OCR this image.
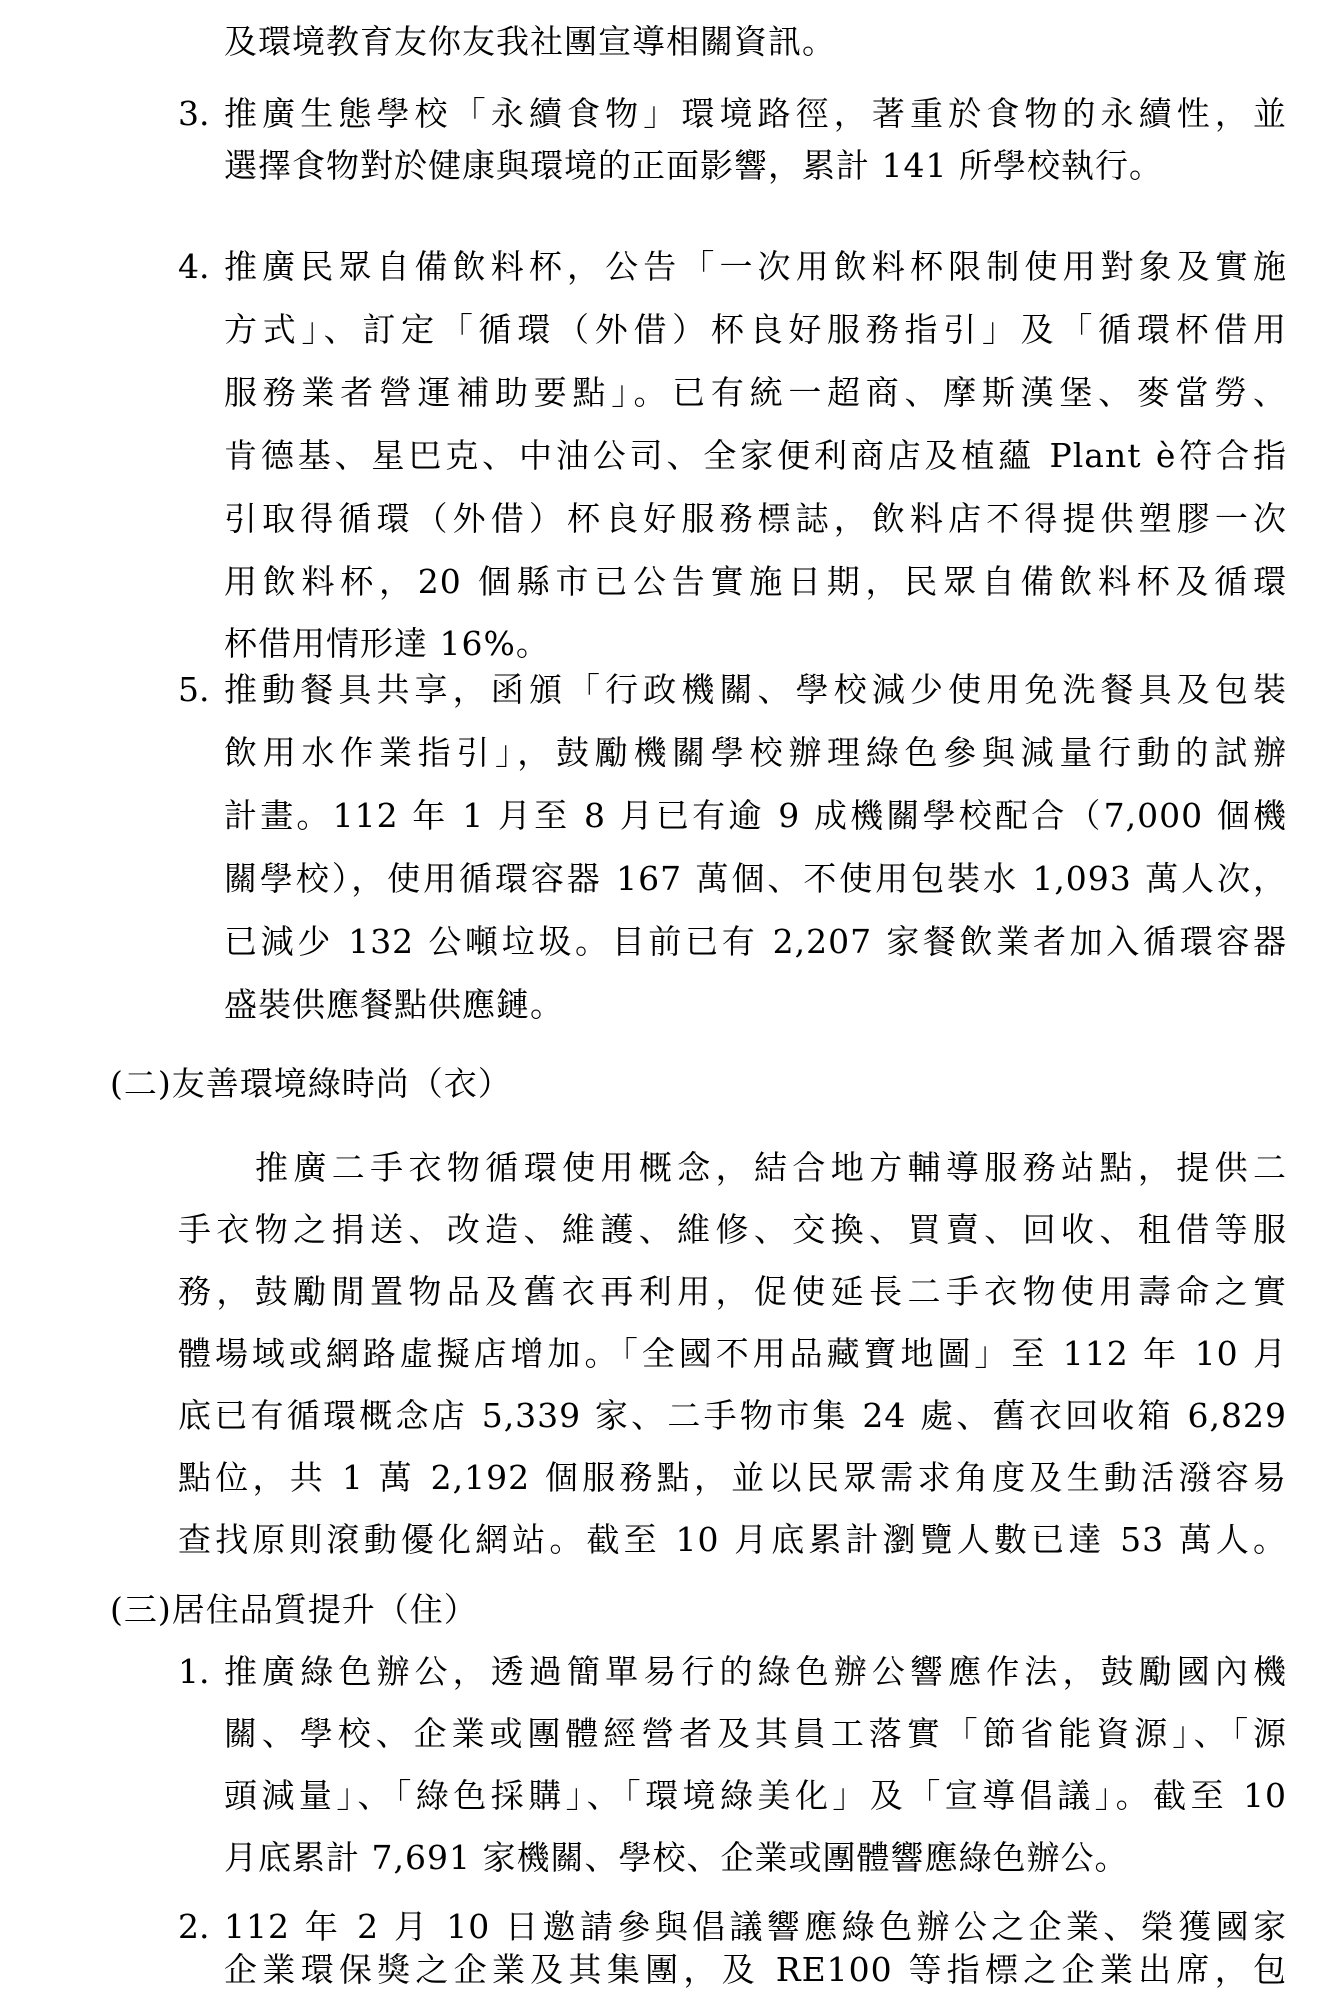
及環境教育友你友我社團宣導相關資訊。
3. 推廣生態學校「永續食物」環境路徑，著重於食物的永續性，並
選擇食物對於健康與環境的正面影響，累計 141 所學校執行。
4. 推廣民眾自備飲料杯，公告「一次用飲料杯限制使用對象及實施
方式」、訂定「循環（外借）杯良好服務指引」及「循環杯借用
服務業者營運補助要點」。已有統一超商、摩斯漢堡、麥當勞、
肯德基、星巴克、中油公司、全家便利商店及植蘊 Plant è符合指
引取得循環（外借）杯良好服務標誌，飲料店不得提供塑膠一次
用飲料杯，20 個縣市已公告實施日期，民眾自備飲料杯及循環
杯借用情形達 16%。
5. 推動餐具共享，函頒「行政機關、學校減少使用免洗餐具及包裝
飲用水作業指引」，鼓勵機關學校辦理綠色參與減量行動的試辦
計畫。112 年 1 月至 8 月已有逾 9 成機關學校配合（7,000 個機
關學校），使用循環容器 167 萬個、不使用包裝水 1,093 萬人次，
已減少 132 公噸垃圾。目前已有 2,207 家餐飲業者加入循環容器
盛裝供應餐點供應鏈。
(二)友善環境綠時尚（衣）
推廣二手衣物循環使用概念，結合地方輔導服務站點，提供二
手衣物之捐送、改造、維護、維修、交換、買賣、回收、租借等服
務，鼓勵閒置物品及舊衣再利用，促使延長二手衣物使用壽命之實
體場域或網路虛擬店增加。「全國不用品藏寶地圖」至 112 年 10 月
底已有循環概念店 5,339 家、二手物市集 24 處、舊衣回收箱 6,829
點位，共 1 萬 2,192 個服務點，並以民眾需求角度及生動活潑容易
查找原則滾動優化網站。截至 10 月底累計瀏覽人數已達 53 萬人。
(三)居住品質提升（住）
1. 推廣綠色辦公，透過簡單易行的綠色辦公響應作法，鼓勵國內機
關、學校、企業或團體經營者及其員工落實「節省能資源」、「源
頭減量」、「綠色採購」、「環境綠美化」及「宣導倡議」。截至 10
月底累計 7,691 家機關、學校、企業或團體響應綠色辦公。
2. 112 年 2 月 10 日邀請參與倡議響應綠色辦公之企業、榮獲國家
企業環保獎之企業及其集團，及 RE100 等指標之企業出席，包
